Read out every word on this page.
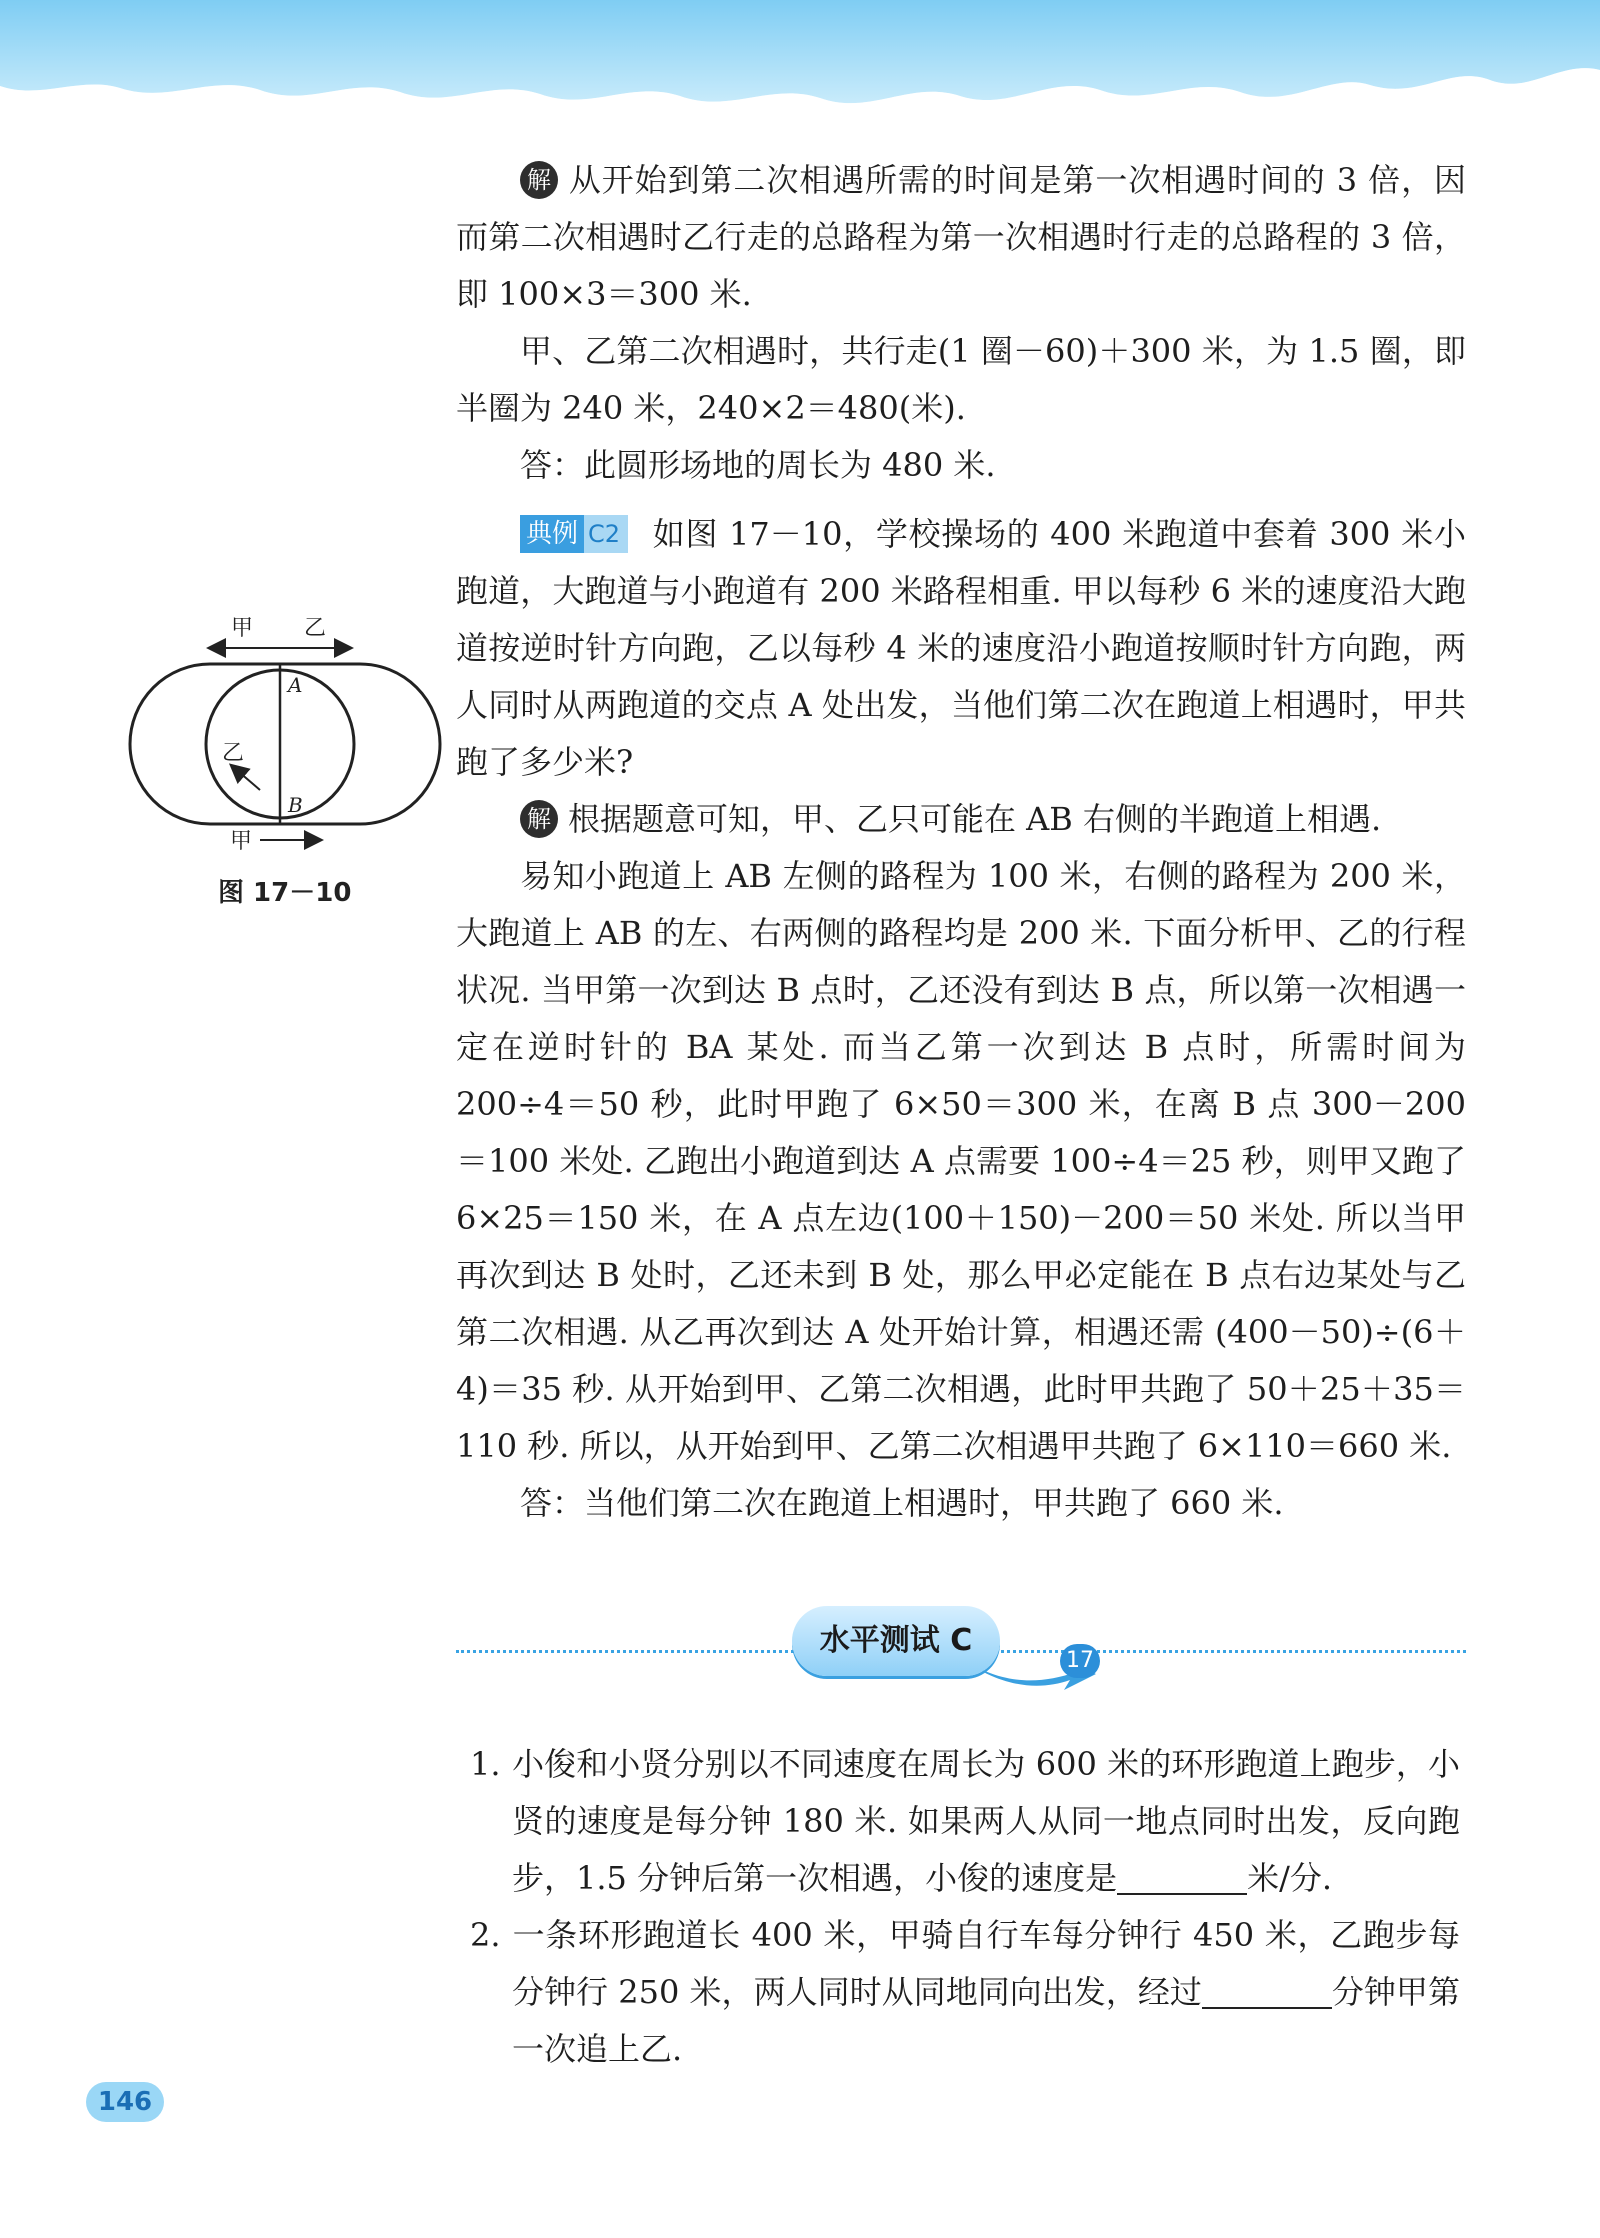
解 从开始到第二次相遇所需的时间是第一次相遇时间的 3 倍，因而第二次相遇时乙行走的总路程为第一次相遇时行走的总路程的 3 倍，即 100×3＝300 米.

甲、乙第二次相遇时，共行走(1 圈－60)＋300 米，为 1.5 圈，即半圈为 240 米，240×2＝480(米).

答：此圆形场地的周长为 480 米.

典例 C2 如图 17－10，学校操场的 400 米跑道中套着 300 米小跑道，大跑道与小跑道有 200 米路程相重. 甲以每秒 6 米的速度沿大跑道按逆时针方向跑，乙以每秒 4 米的速度沿小跑道按顺时针方向跑，两人同时从两跑道的交点 A 处出发，当他们第二次在跑道上相遇时，甲共跑了多少米?

解 根据题意可知，甲、乙只可能在 AB 右侧的半跑道上相遇.

易知小跑道上 AB 左侧的路程为 100 米，右侧的路程为 200 米，大跑道上 AB 的左、右两侧的路程均是 200 米. 下面分析甲、乙的行程状况. 当甲第一次到达 B 点时，乙还没有到达 B 点，所以第一次相遇一定在逆时针的 BA 某处. 而当乙第一次到达 B 点时，所需时间为 200÷4＝50 秒，此时甲跑了 6×50＝300 米，在离 B 点 300－200＝100 米处. 乙跑出小跑道到达 A 点需要 100÷4＝25 秒，则甲又跑了 6×25＝150 米，在 A 点左边(100＋150)－200＝50 米处. 所以当甲再次到达 B 处时，乙还未到 B 处，那么甲必定能在 B 点右边某处与乙第二次相遇. 从乙再次到达 A 处开始计算，相遇还需 (400－50)÷(6＋4)＝35 秒. 从开始到甲、乙第二次相遇，此时甲共跑了 50＋25＋35＝110 秒. 所以，从开始到甲、乙第二次相遇甲共跑了 6×110＝660 米.

答：当他们第二次在跑道上相遇时，甲共跑了 660 米.

甲 乙
A
B
乙
甲
图 17－10
水平测试 C
17

1. 小俊和小贤分别以不同速度在周长为 600 米的环形跑道上跑步，小贤的速度是每分钟 180 米. 如果两人从同一地点同时出发，反向跑步，1.5 分钟后第一次相遇，小俊的速度是	米/分.

2. 一条环形跑道长 400 米，甲骑自行车每分钟行 450 米，乙跑步每分钟行 250 米，两人同时从同地同向出发，经过	分钟甲第一次追上乙.

146
